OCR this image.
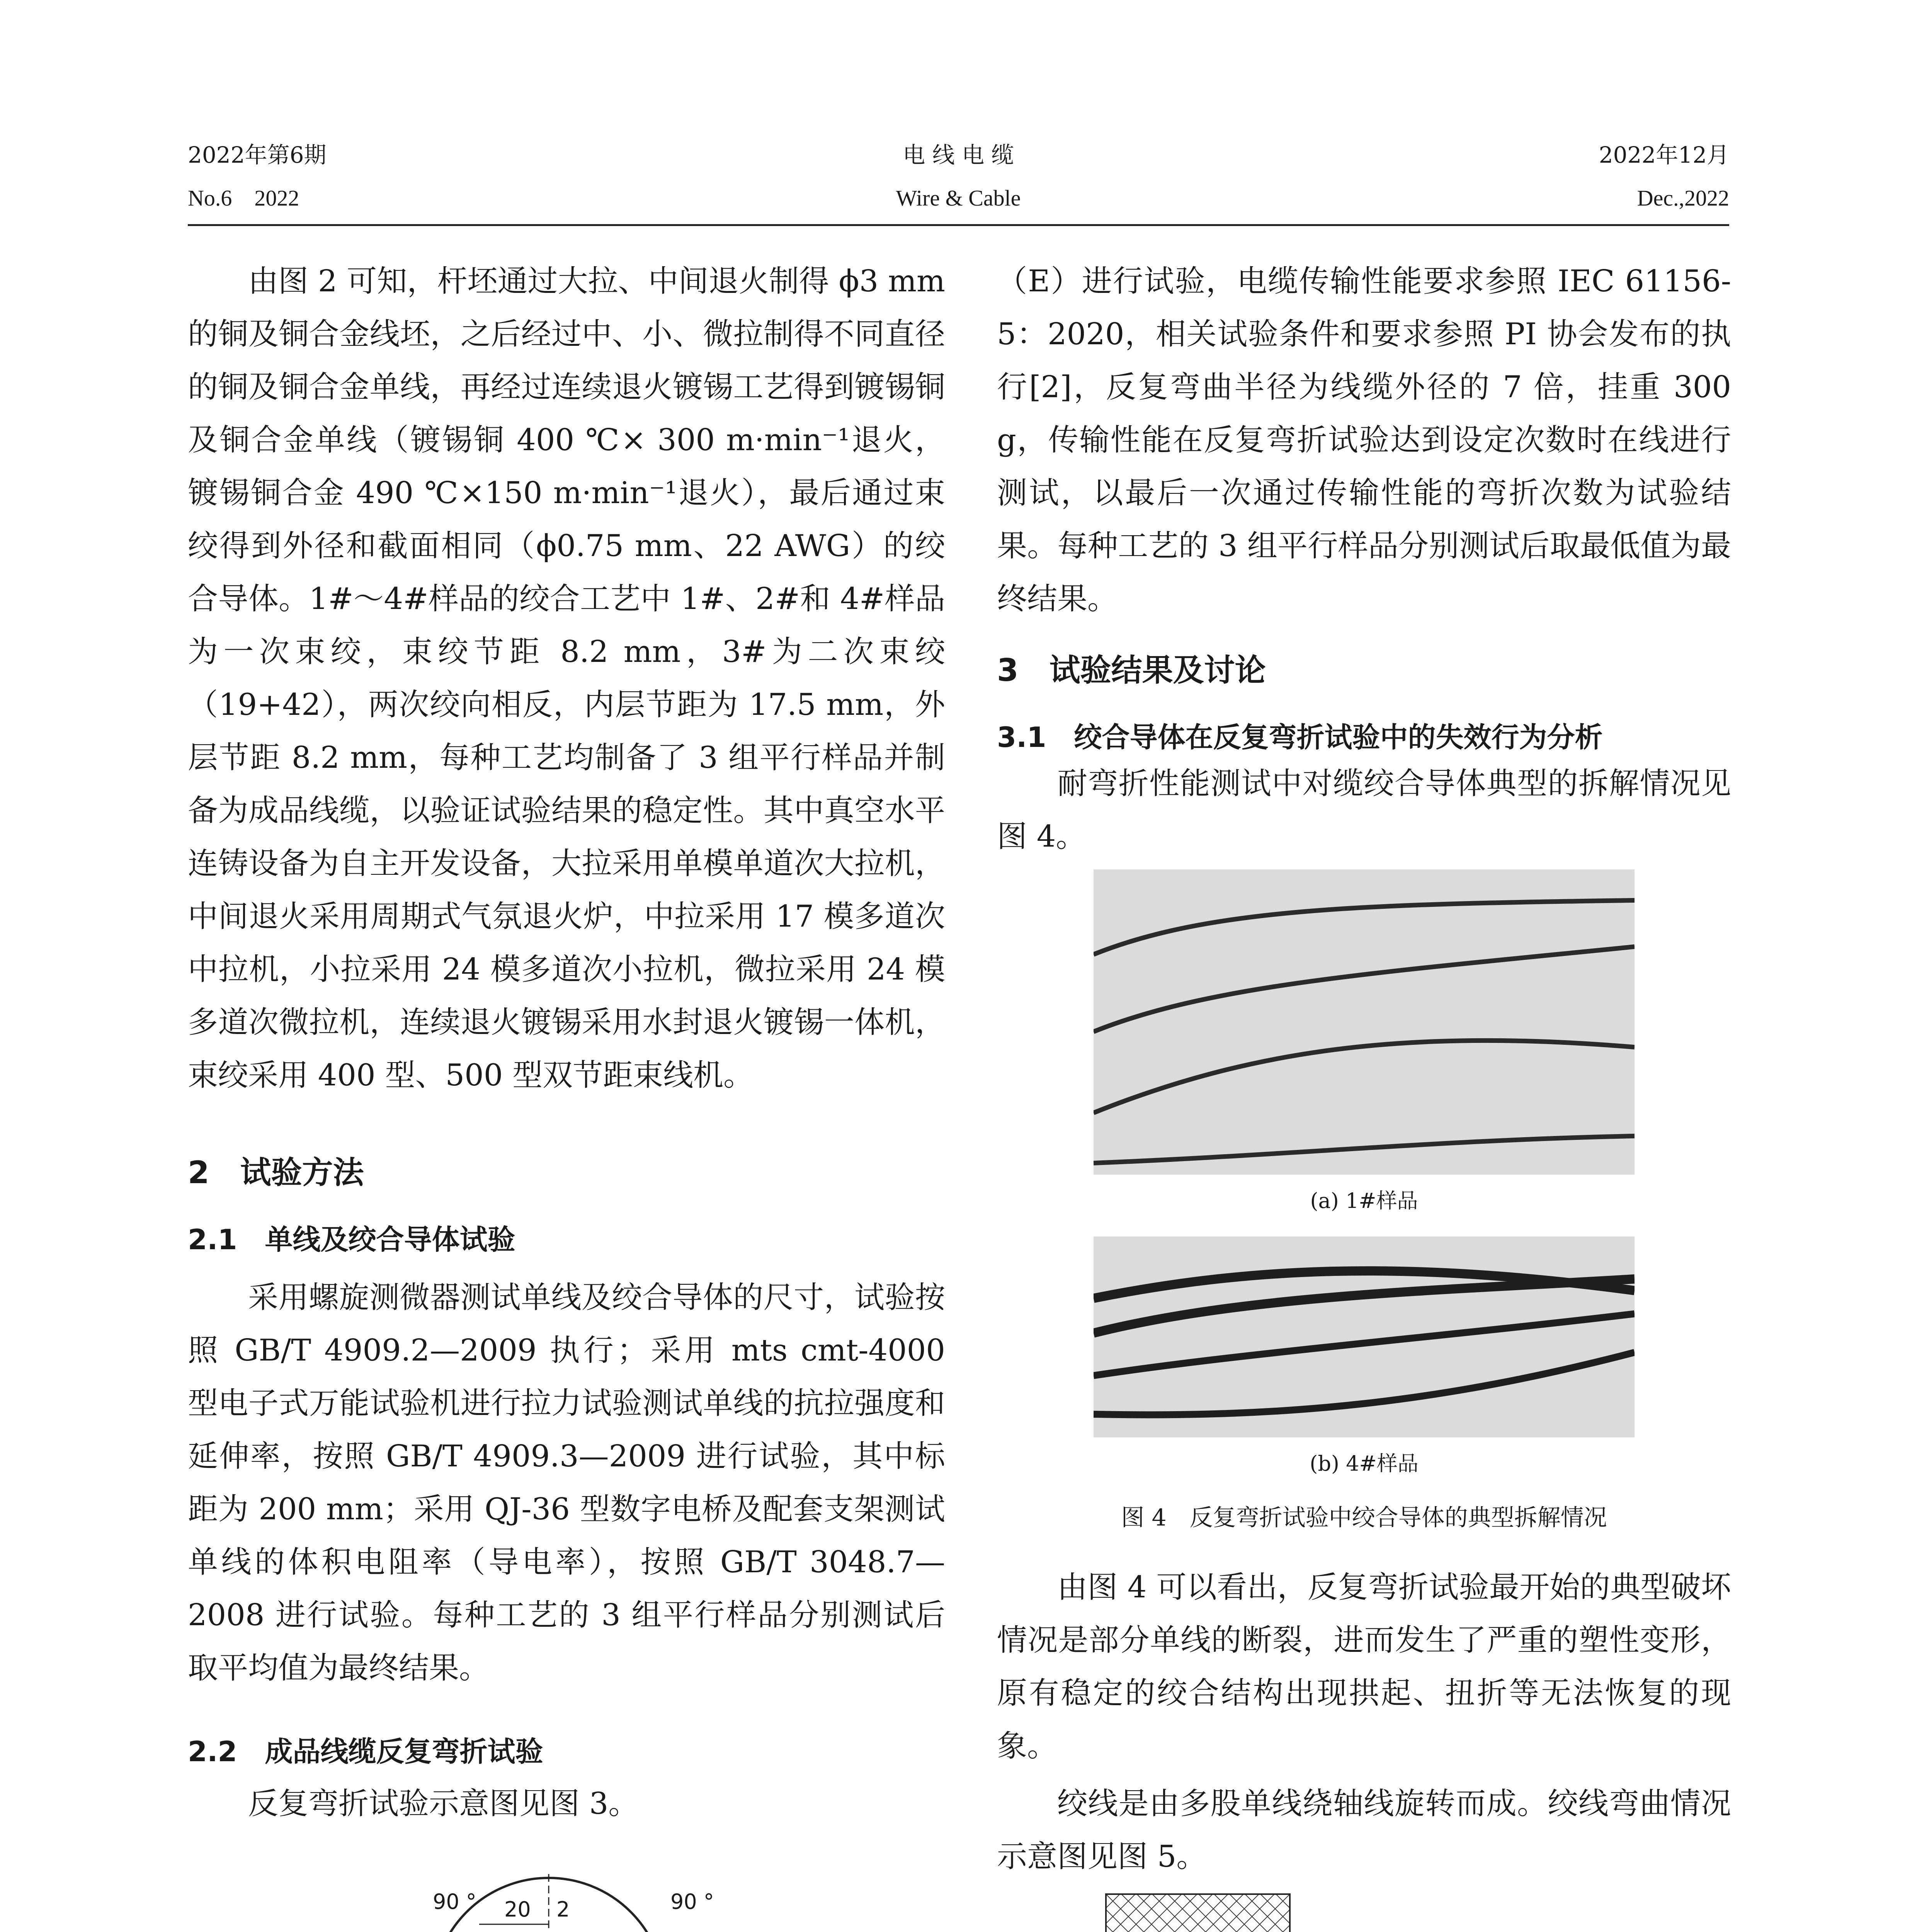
2022年第6期
No.6　2022
电 线 电 缆
Wire & Cable
2022年12月
Dec.,2022

由图 2 可知，杆坯通过大拉、中间退火制得 ϕ3 mm 的铜及铜合金线坯，之后经过中、小、微拉制得不同直径的铜及铜合金单线，再经过连续退火镀锡工艺得到镀锡铜及铜合金单线（镀锡铜 400 ℃× 300 m·min⁻¹退火，镀锡铜合金 490 ℃×150 m·min⁻¹退火），最后通过束绞得到外径和截面相同（ϕ0.75 mm、22 AWG）的绞合导体。1#～4#样品的绞合工艺中 1#、2#和 4#样品为一次束绞，束绞节距 8.2 mm，3#为二次束绞（19+42），两次绞向相反，内层节距为 17.5 mm，外层节距 8.2 mm，每种工艺均制备了 3 组平行样品并制备为成品线缆，以验证试验结果的稳定性。其中真空水平连铸设备为自主开发设备，大拉采用单模单道次大拉机，中间退火采用周期式气氛退火炉，中拉采用 17 模多道次中拉机，小拉采用 24 模多道次小拉机，微拉采用 24 模多道次微拉机，连续退火镀锡采用水封退火镀锡一体机，束绞采用 400 型、500 型双节距束线机。

2　试验方法
2.1　单线及绞合导体试验

采用螺旋测微器测试单线及绞合导体的尺寸，试验按照 GB/T 4909.2—2009 执行；采用 mts cmt-4000 型电子式万能试验机进行拉力试验测试单线的抗拉强度和延伸率，按照 GB/T 4909.3—2009 进行试验，其中标距为 200 mm；采用 QJ-36 型数字电桥及配套支架测试单线的体积电阻率（导电率），按照 GB/T 3048.7—2008 进行试验。每种工艺的 3 组平行样品分别测试后取平均值为最终结果。

2.2　成品线缆反复弯折试验

反复弯折试验示意图见图 3。

90 °	90 °
20 2

（E）进行试验，电缆传输性能要求参照 IEC 61156-5：2020，相关试验条件和要求参照 PI 协会发布的执行[2]，反复弯曲半径为线缆外径的 7 倍，挂重 300 g，传输性能在反复弯折试验达到设定次数时在线进行测试，以最后一次通过传输性能的弯折次数为试验结果。每种工艺的 3 组平行样品分别测试后取最低值为最终结果。

3　试验结果及讨论
3.1　绞合导体在反复弯折试验中的失效行为分析

耐弯折性能测试中对缆绞合导体典型的拆解情况见图 4。

(a) 1#样品
(b) 4#样品
图 4　反复弯折试验中绞合导体的典型拆解情况

由图 4 可以看出，反复弯折试验最开始的典型破坏情况是部分单线的断裂，进而发生了严重的塑性变形，原有稳定的绞合结构出现拱起、扭折等无法恢复的现象。

绞线是由多股单线绕轴线旋转而成。绞线弯曲情况示意图见图 5。
